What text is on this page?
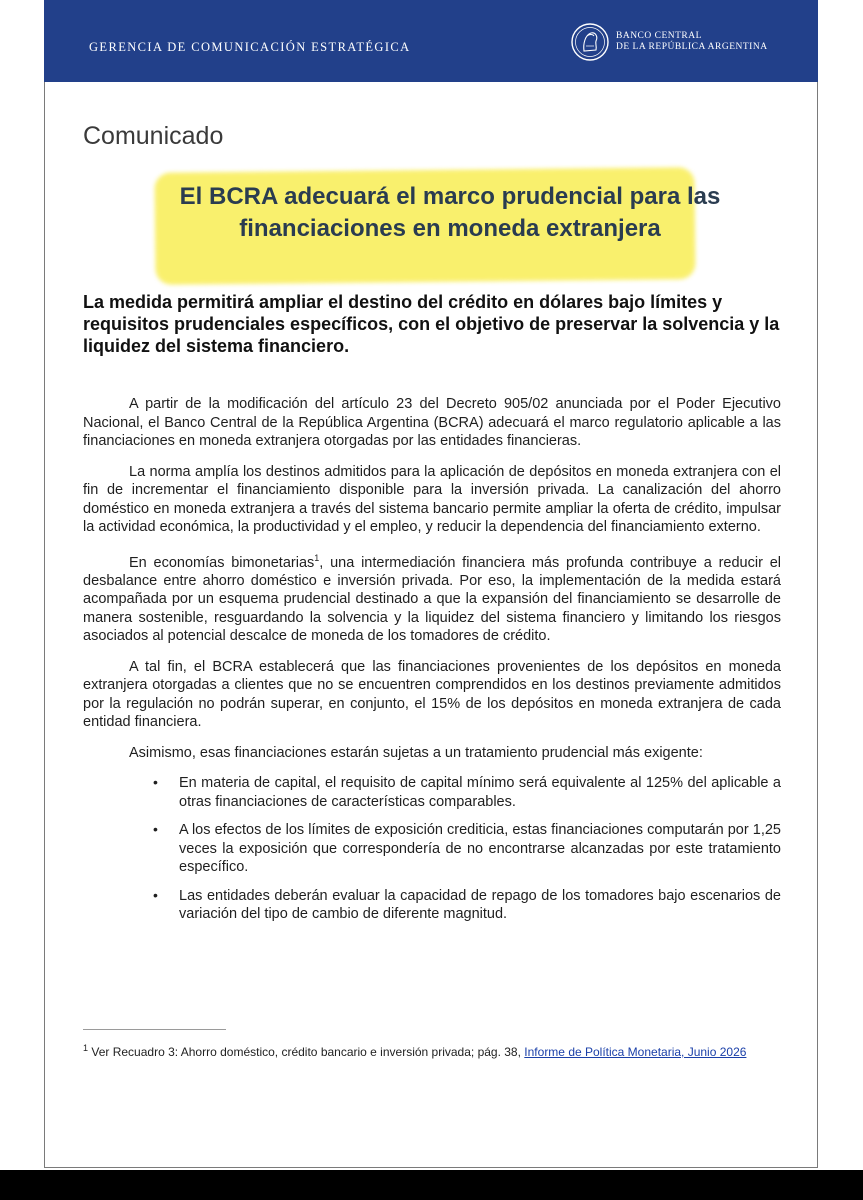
GERENCIA DE COMUNICACIÓN ESTRATÉGICA
BANCO CENTRAL
DE LA REPÚBLICA ARGENTINA
Comunicado
El BCRA adecuará el marco prudencial para las
financiaciones en moneda extranjera
La medida permitirá ampliar el destino del crédito en dólares bajo límites y requisitos prudenciales específicos, con el objetivo de preservar la solvencia y la liquidez del sistema financiero.

A partir de la modificación del artículo 23 del Decreto 905/02 anunciada por el Poder Ejecutivo Nacional, el Banco Central de la República Argentina (BCRA) adecuará el marco regulatorio aplicable a las financiaciones en moneda extranjera otorgadas por las entidades financieras.

La norma amplía los destinos admitidos para la aplicación de depósitos en moneda extranjera con el fin de incrementar el financiamiento disponible para la inversión privada. La canalización del ahorro doméstico en moneda extranjera a través del sistema bancario permite ampliar la oferta de crédito, impulsar la actividad económica, la productividad y el empleo, y reducir la dependencia del financiamiento externo.

En economías bimonetarias$^1$, una intermediación financiera más profunda contribuye a reducir el desbalance entre ahorro doméstico e inversión privada. Por eso, la implementación de la medida estará acompañada por un esquema prudencial destinado a que la expansión del financiamiento se desarrolle de manera sostenible, resguardando la solvencia y la liquidez del sistema financiero y limitando los riesgos asociados al potencial descalce de moneda de los tomadores de crédito.

A tal fin, el BCRA establecerá que las financiaciones provenientes de los depósitos en moneda extranjera otorgadas a clientes que no se encuentren comprendidos en los destinos previamente admitidos por la regulación no podrán superar, en conjunto, el 15% de los depósitos en moneda extranjera de cada entidad financiera.

Asimismo, esas financiaciones estarán sujetas a un tratamiento prudencial más exigente:

• En materia de capital, el requisito de capital mínimo será equivalente al 125% del aplicable a otras financiaciones de características comparables.
• A los efectos de los límites de exposición crediticia, estas financiaciones computarán por 1,25 veces la exposición que correspondería de no encontrarse alcanzadas por este tratamiento específico.
• Las entidades deberán evaluar la capacidad de repago de los tomadores bajo escenarios de variación del tipo de cambio de diferente magnitud.
$^1$ Ver Recuadro 3: Ahorro doméstico, crédito bancario e inversión privada; pág. 38, Informe de Política Monetaria, Junio 2026
